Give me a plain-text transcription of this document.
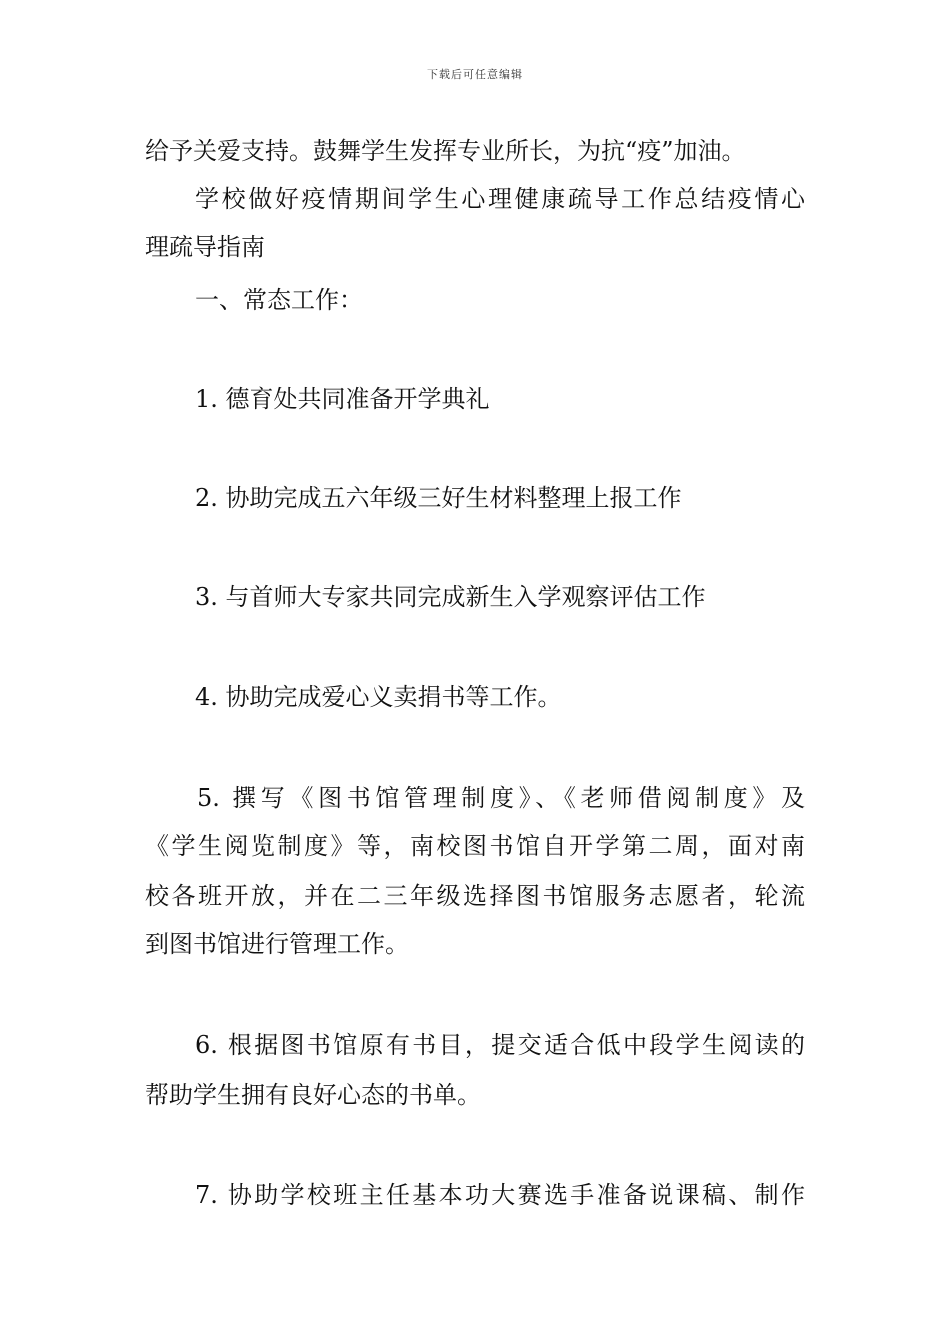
下载后可任意编辑

给予关爱支持。鼓舞学生发挥专业所长，为抗“疫”加油。

学校做好疫情期间学生心理健康疏导工作总结疫情心

理疏导指南

一、常态工作：

1. 德育处共同准备开学典礼

2. 协助完成五六年级三好生材料整理上报工作

3. 与首师大专家共同完成新生入学观察评估工作

4. 协助完成爱心义卖捐书等工作。

5. 撰写《图书馆管理制度》、《老师借阅制度》及

《学生阅览制度》等，南校图书馆自开学第二周，面对南

校各班开放，并在二三年级选择图书馆服务志愿者，轮流

到图书馆进行管理工作。

6. 根据图书馆原有书目，提交适合低中段学生阅读的

帮助学生拥有良好心态的书单。

7. 协助学校班主任基本功大赛选手准备说课稿、制作
